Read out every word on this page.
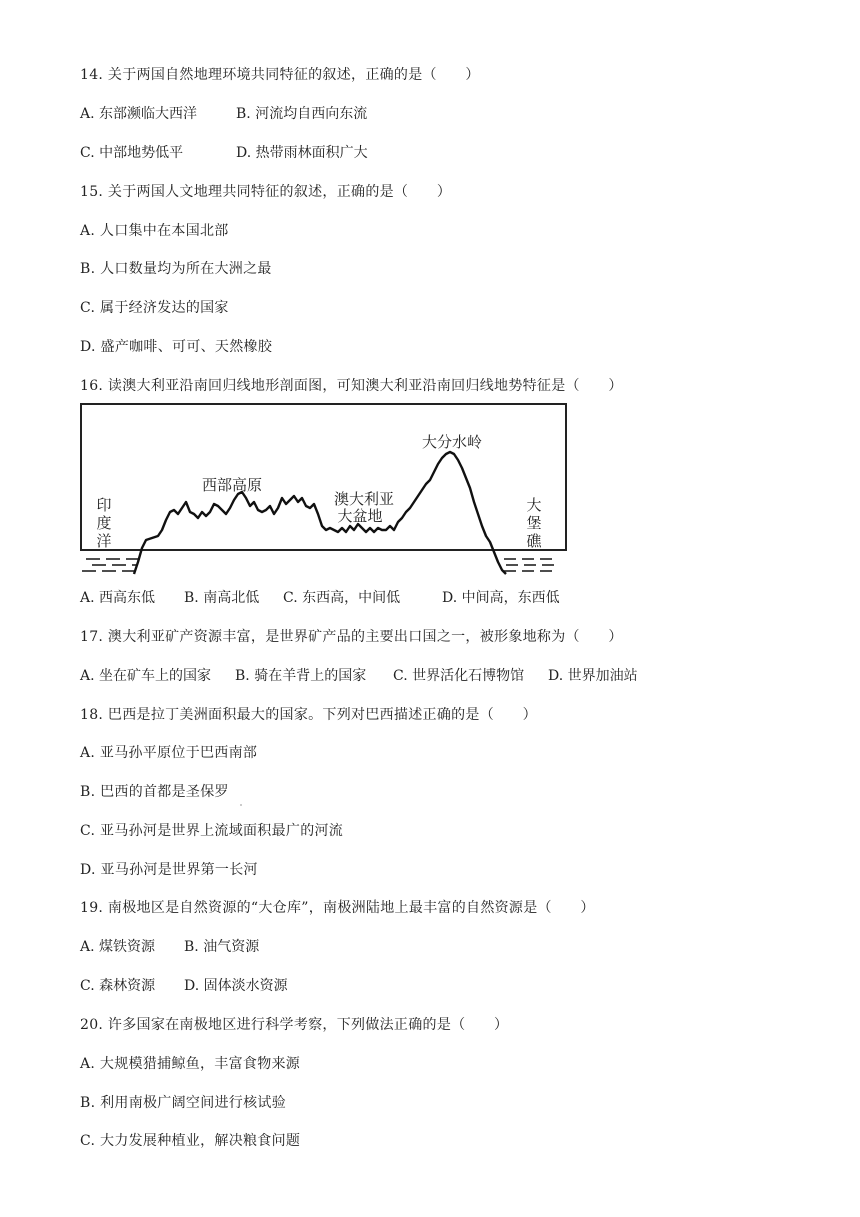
14. 关于两国自然地理环境共同特征的叙述，正确的是（　　）

A. 东部濒临大西洋

	B. 河流均自西向东流

C. 中部地势低平

	D. 热带雨林面积广大

15. 关于两国人文地理共同特征的叙述，正确的是（　　）
A. 人口集中在本国北部
B. 人口数量均为所在大洲之最
C. 属于经济发达的国家
D. 盛产咖啡、可可、天然橡胶
16. 读澳大利亚沿南回归线地形剖面图，可知澳大利亚沿南回归线地势特征是（　　）
印
度
洋
西部高原
澳大利亚
大盆地
大分水岭
大
堡
礁

A. 西高东低

B. 南高北低

C. 东西高，中间低

	D. 中间高，东西低

17. 澳大利亚矿产资源丰富，是世界矿产品的主要出口国之一，被形象地称为（　　）

A. 坐在矿车上的国家

B. 骑在羊背上的国家

C. 世界活化石博物馆

D. 世界加油站

18. 巴西是拉丁美洲面积最大的国家。下列对巴西描述正确的是（　　）
A. 亚马孙平原位于巴西南部
B. 巴西的首都是圣保罗
C. 亚马孙河是世界上流域面积最广的河流
D. 亚马孙河是世界第一长河
19. 南极地区是自然资源的“大仓库”，南极洲陆地上最丰富的自然资源是（　　）

A. 煤铁资源

B. 油气资源

C. 森林资源

D. 固体淡水资源

20. 许多国家在南极地区进行科学考察，下列做法正确的是（　　）
A. 大规模猎捕鲸鱼，丰富食物来源
B. 利用南极广阔空间进行核试验
C. 大力发展种植业，解决粮食问题
